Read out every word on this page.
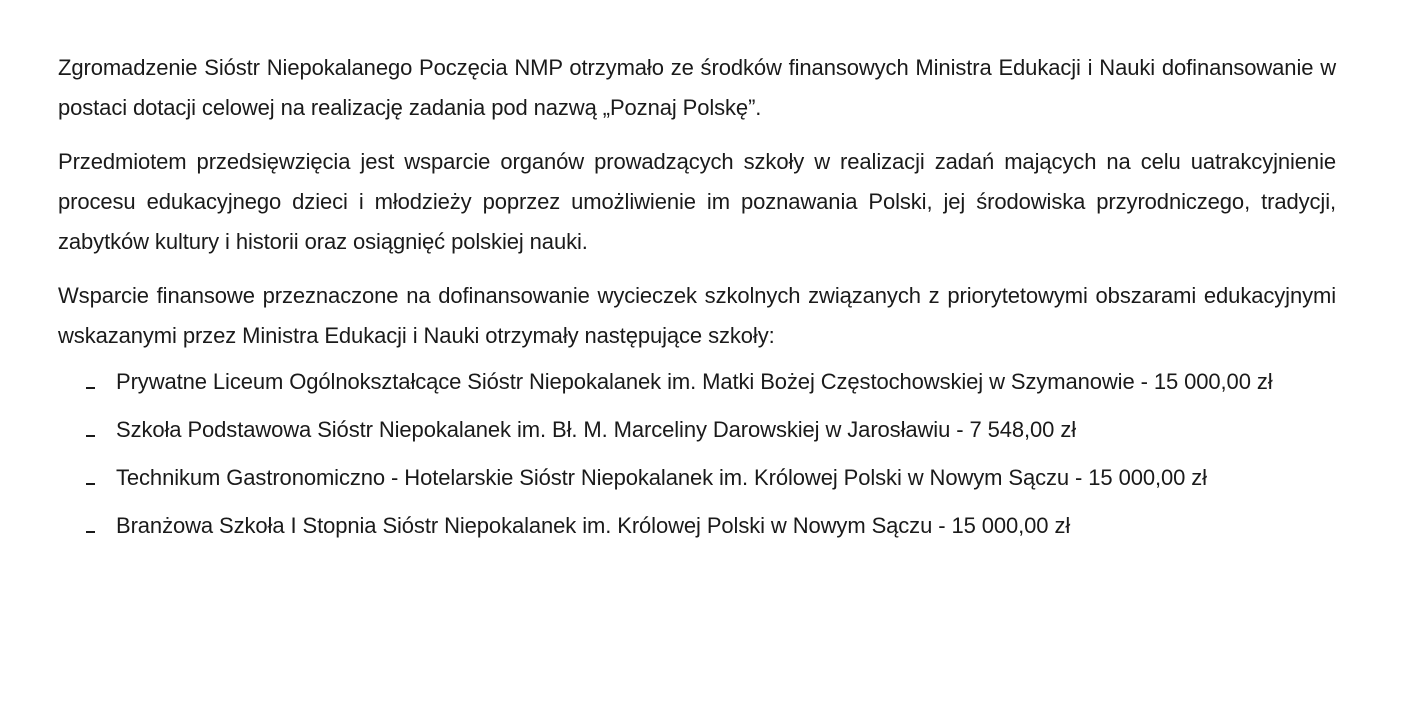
Zgromadzenie Sióstr Niepokalanego Poczęcia NMP otrzymało ze środków finansowych Ministra Edukacji i Nauki dofinansowanie w postaci dotacji celowej na realizację zadania pod nazwą „Poznaj Polskę”.

Przedmiotem przedsięwzięcia jest wsparcie organów prowadzących szkoły w realizacji zadań mających na celu uatrakcyjnienie procesu edukacyjnego dzieci i młodzieży poprzez umożliwienie im poznawania Polski, jej środowiska przyrodniczego, tradycji, zabytków kultury i historii oraz osiągnięć polskiej nauki.

Wsparcie finansowe przeznaczone na dofinansowanie wycieczek szkolnych związanych z priorytetowymi obszarami edukacyjnymi wskazanymi przez Ministra Edukacji i Nauki otrzymały następujące szkoły:

Prywatne Liceum Ogólnokształcące Sióstr Niepokalanek im. Matki Bożej Częstochowskiej w Szymanowie - 15 000,00 zł
Szkoła Podstawowa Sióstr Niepokalanek im. Bł. M. Marceliny Darowskiej w Jarosławiu - 7 548,00 zł
Technikum Gastronomiczno - Hotelarskie Sióstr Niepokalanek im. Królowej Polski w Nowym Sączu - 15 000,00 zł
Branżowa Szkoła I Stopnia Sióstr Niepokalanek im. Królowej Polski w Nowym Sączu - 15 000,00 zł
